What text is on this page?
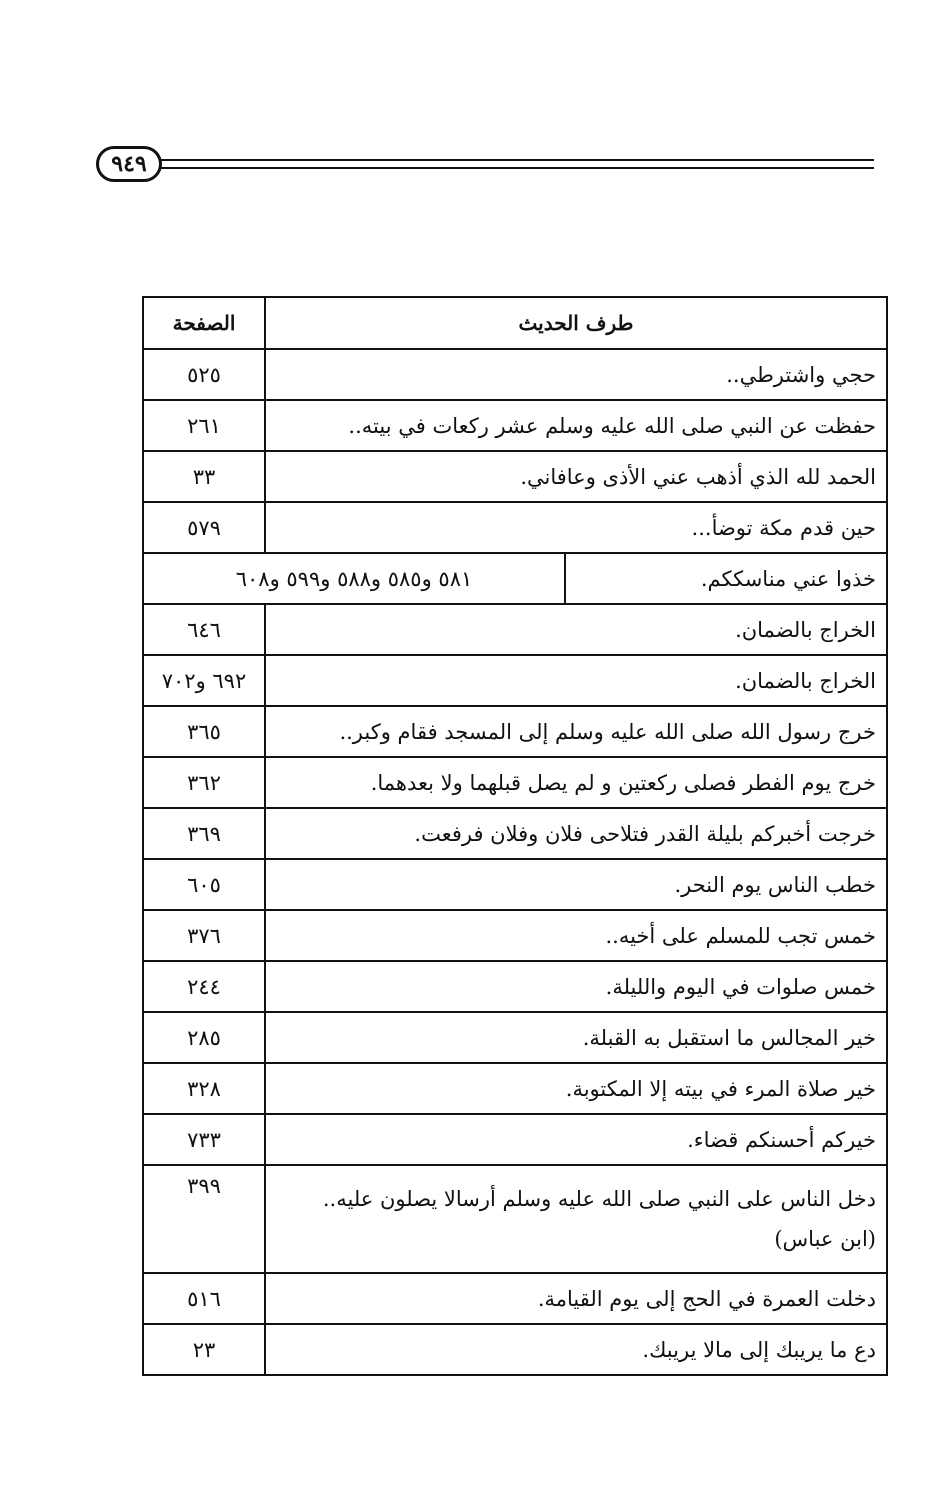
٩٤٩
طرف الحديث	الصفحة
حجي واشترطي..	٥٢٥
حفظت عن النبي صلى الله عليه وسلم عشر ركعات في بيته..	٢٦١
الحمد لله الذي أذهب عني الأذى وعافاني.	٣٣
حين قدم مكة توضأ...	٥٧٩

خذوا عني مناسككم.	٥٨١ و٥٨٥ و٥٨٨ و٥٩٩ و٦٠٨

الخراج بالضمان.	٦٤٦
الخراج بالضمان.	٦٩٢ و٧٠٢
خرج رسول الله صلى الله عليه وسلم إلى المسجد فقام وكبر..	٣٦٥
خرج يوم الفطر فصلى ركعتين و لم يصل قبلهما ولا بعدهما.	٣٦٢
خرجت أخبركم بليلة القدر فتلاحى فلان وفلان فرفعت.	٣٦٩
خطب الناس يوم النحر.	٦٠٥
خمس تجب للمسلم على أخيه..	٣٧٦
خمس صلوات في اليوم والليلة.	٢٤٤
خير المجالس ما استقبل به القبلة.	٢٨٥
خير صلاة المرء في بيته إلا المكتوبة.	٣٢٨
خيركم أحسنكم قضاء.	٧٣٣

دخل الناس على النبي صلى الله عليه وسلم أرسالا يصلون عليه..
(ابن عباس)
	٣٩٩
دخلت العمرة في الحج إلى يوم القيامة.	٥١٦
دع ما يريبك إلى مالا يريبك.	٢٣
